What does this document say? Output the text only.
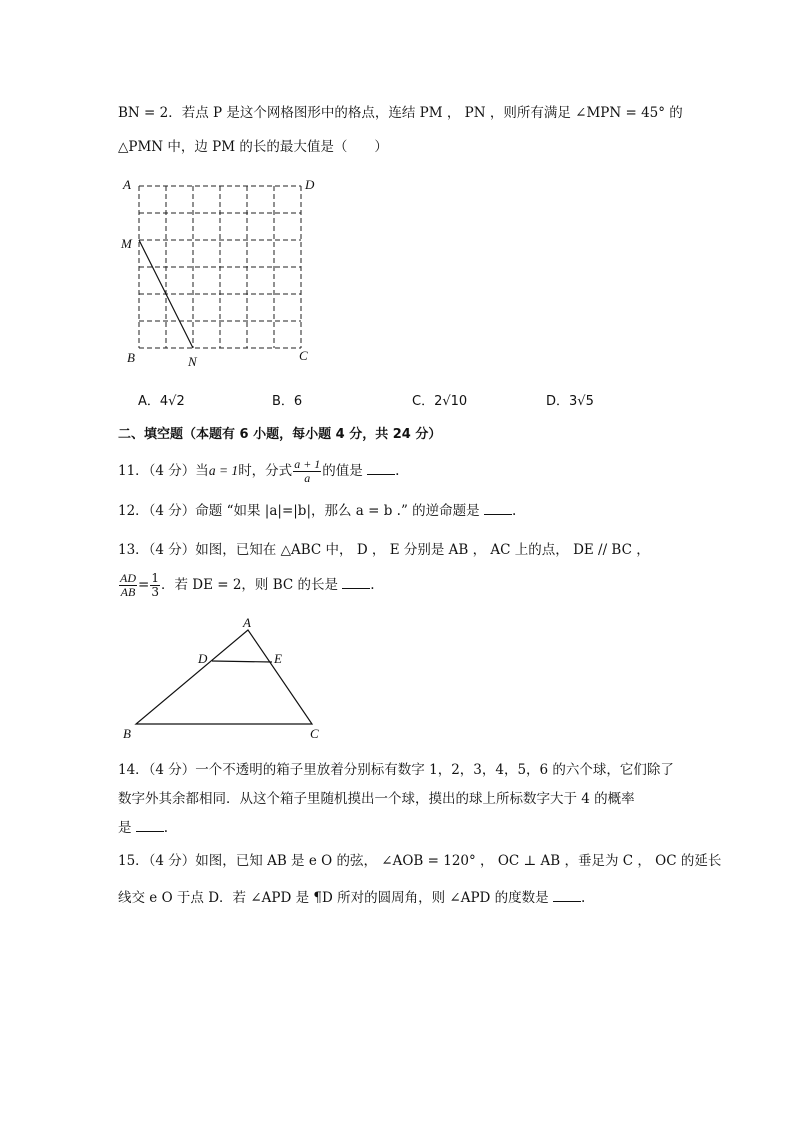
BN = 2．若点 P 是这个网格图形中的格点，连结 PM ， PN ，则所有满足 ∠MPN = 45° 的
△PMN 中，边 PM 的长的最大值是（　　）
A	D
M
B	N	C
A．4√2	B．6	C．2√10	D．3√5
二、填空题（本题有 6 小题，每小题 4 分，共 24 分）
11．（4 分）当a = 1时，分式 $\frac{a + 1}{a}$ 的值是 .
12．（4 分）命题 “如果 |a|=|b|，那么 a = b .” 的逆命题是 .
13．（4 分）如图，已知在 △ABC 中， D ， E 分别是 AB ， AC 上的点， DE // BC ，
$\frac{AD}{AB} = \frac{1}{3}$ ．若 DE = 2，则 BC 的长是 .
A
D	E
B	C
14．（4 分）一个不透明的箱子里放着分别标有数字 1，2，3，4，5，6 的六个球，它们除了
数字外其余都相同．从这个箱子里随机摸出一个球，摸出的球上所标数字大于 4 的概率
是 .
15．（4 分）如图，已知 AB 是 e O 的弦， ∠AOB = 120° ， OC ⊥ AB ，垂足为 C ， OC 的延长
线交 e O 于点 D．若 ∠APD 是 ¶D 所对的圆周角，则 ∠APD 的度数是 .
